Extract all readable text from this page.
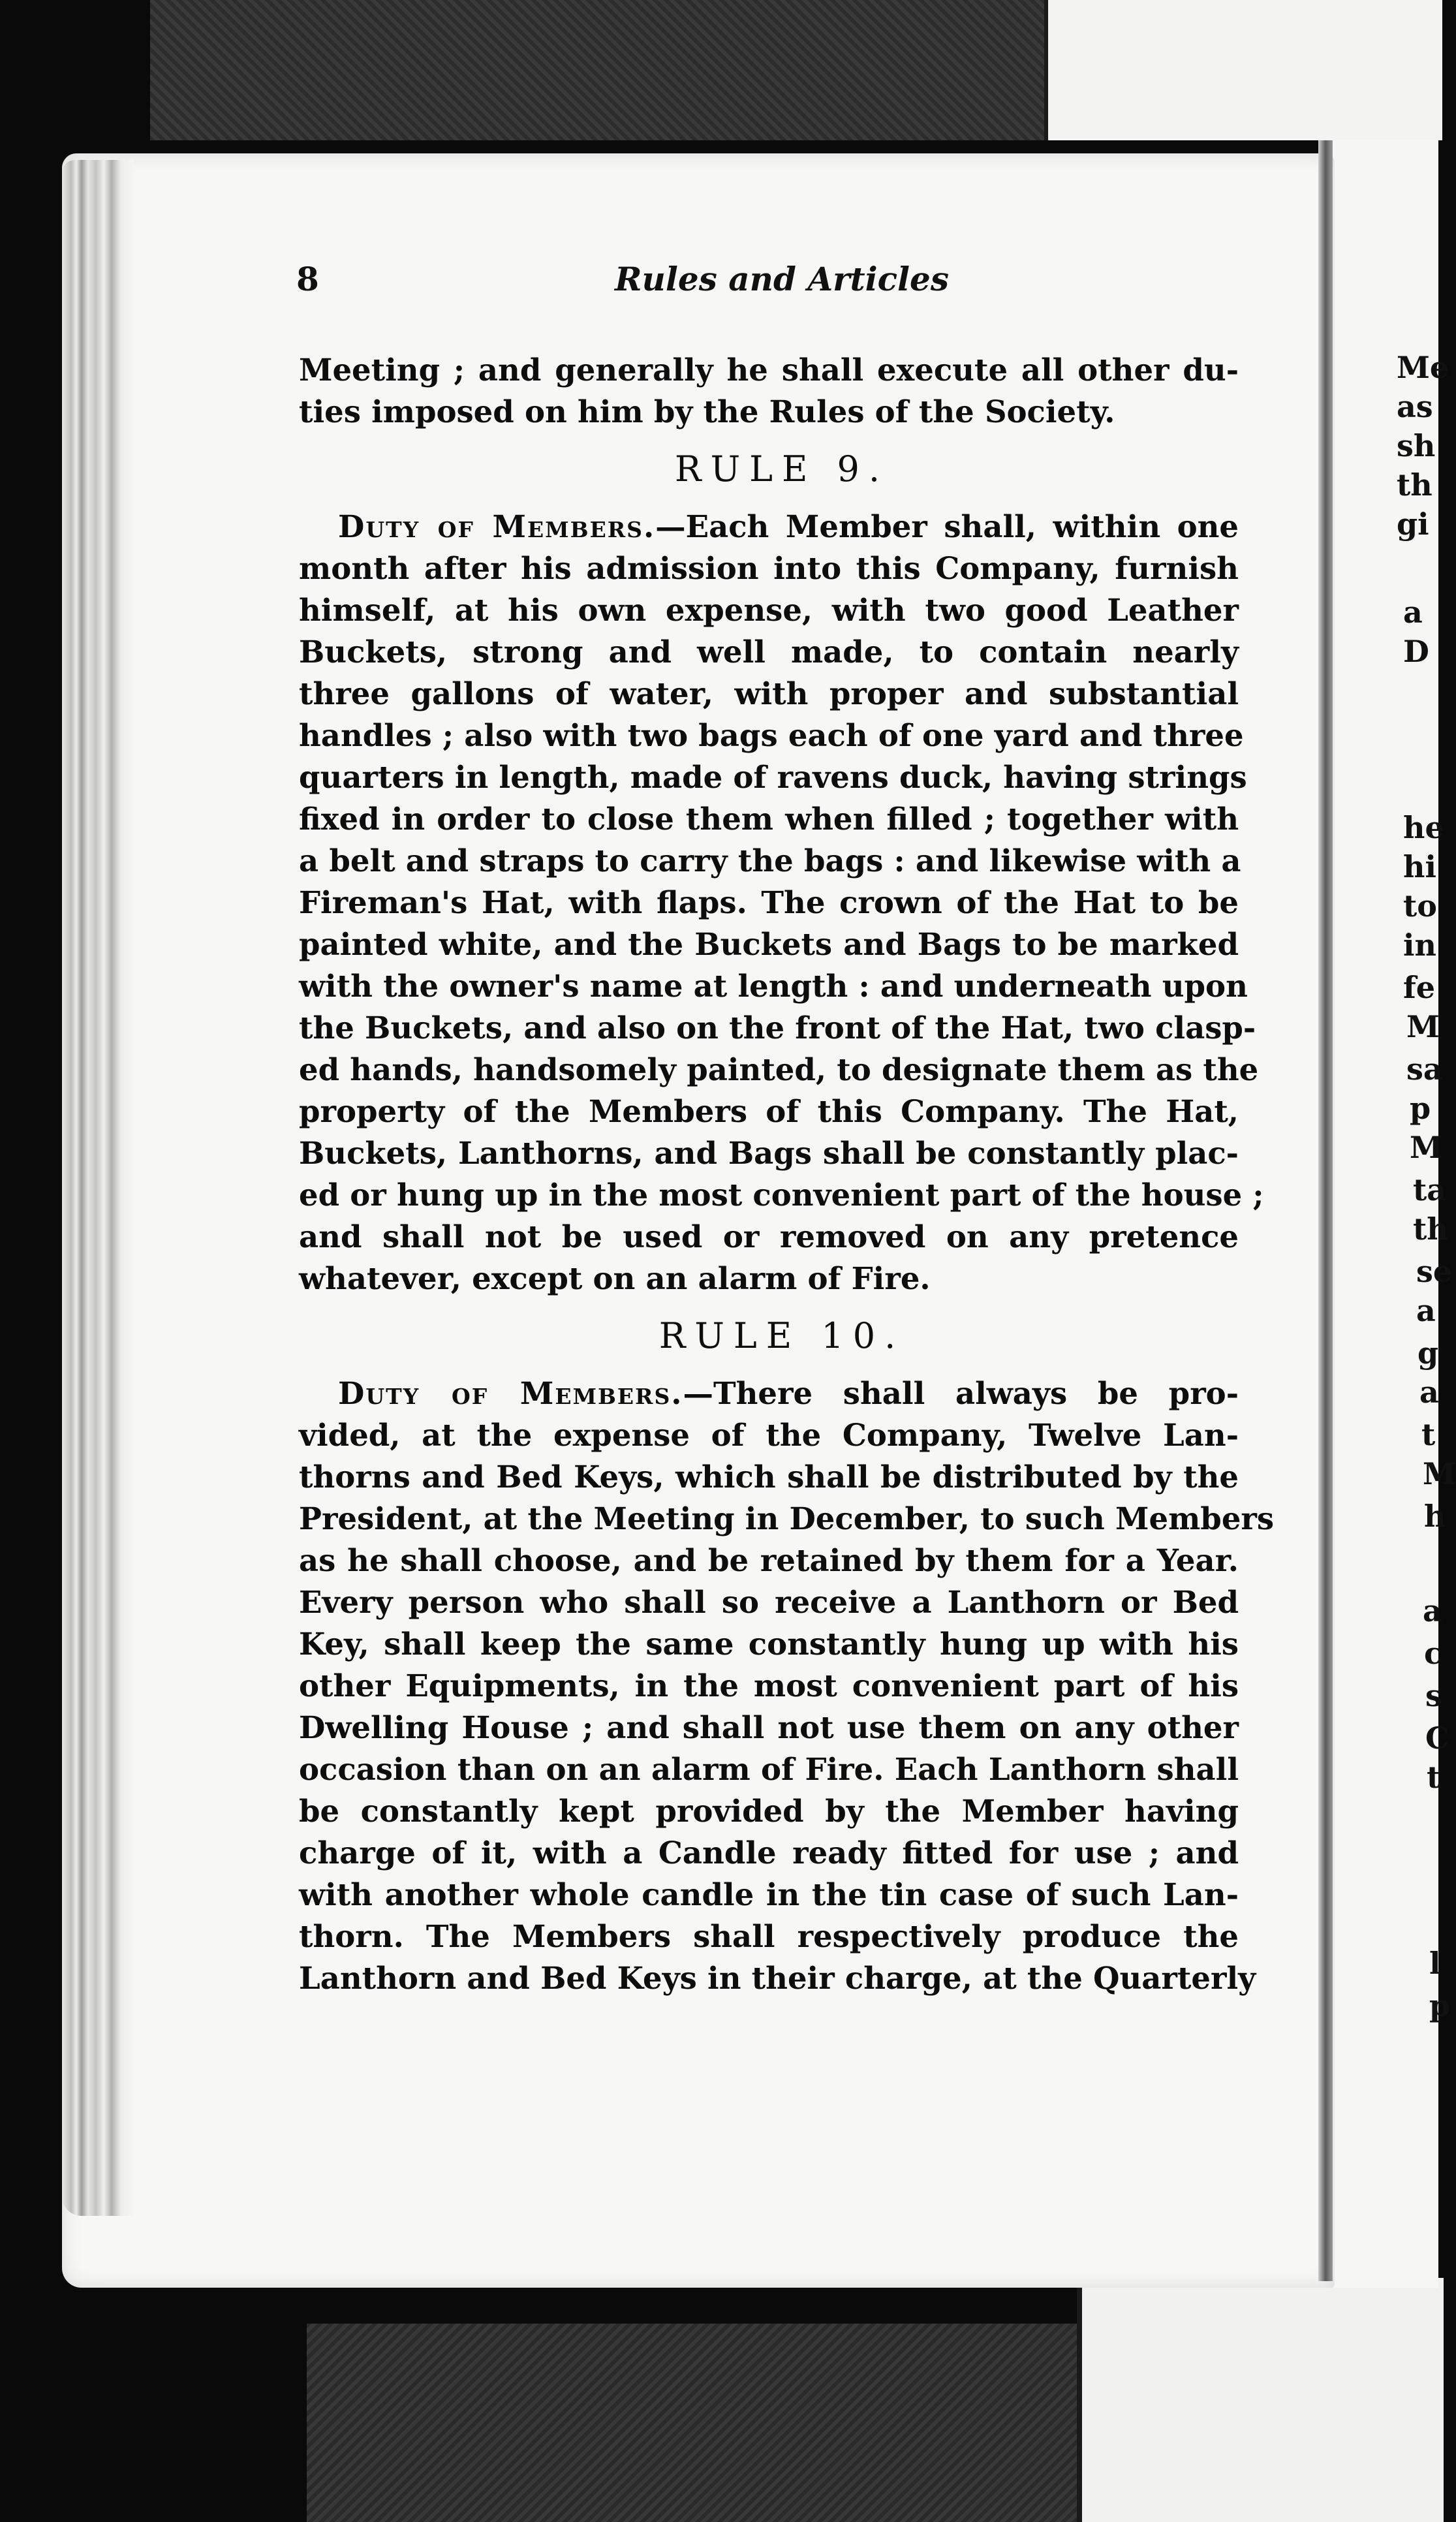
8	Rules and Articles
Meeting ; and generally he shall execute all other du-
ties imposed on him by the Rules of the Society.
RULE 9.
Duty of Members.—Each Member shall, within one
month after his admission into this Company, furnish
himself, at his own expense, with two good Leather
Buckets, strong and well made, to contain nearly
three gallons of water, with proper and substantial
handles ; also with two bags each of one yard and three
quarters in length, made of ravens duck, having strings
fixed in order to close them when filled ; together with
a belt and straps to carry the bags : and likewise with a
Fireman's Hat, with flaps. The crown of the Hat to be
painted white, and the Buckets and Bags to be marked
with the owner's name at length : and underneath upon
the Buckets, and also on the front of the Hat, two clasp-
ed hands, handsomely painted, to designate them as the
property of the Members of this Company. The Hat,
Buckets, Lanthorns, and Bags shall be constantly plac-
ed or hung up in the most convenient part of the house ;
and shall not be used or removed on any pretence
whatever, except on an alarm of Fire.
RULE 10.
Duty of Members.—There shall always be pro-
vided, at the expense of the Company, Twelve Lan-
thorns and Bed Keys, which shall be distributed by the
President, at the Meeting in December, to such Members
as he shall choose, and be retained by them for a Year.
Every person who shall so receive a Lanthorn or Bed
Key, shall keep the same constantly hung up with his
other Equipments, in the most convenient part of his
Dwelling House ; and shall not use them on any other
occasion than on an alarm of Fire. Each Lanthorn shall
be constantly kept provided by the Member having
charge of it, with a Candle ready fitted for use ; and
with another whole candle in the tin case of such Lan-
thorn. The Members shall respectively produce the
Lanthorn and Bed Keys in their charge, at the Quarterly
Me
as
sh
th
gi
a
D
he
hi
to
in
fe
M
sa
p
M
ta
th
se
a
g
a
t
M
h
a
c
s
C
t
l
p
